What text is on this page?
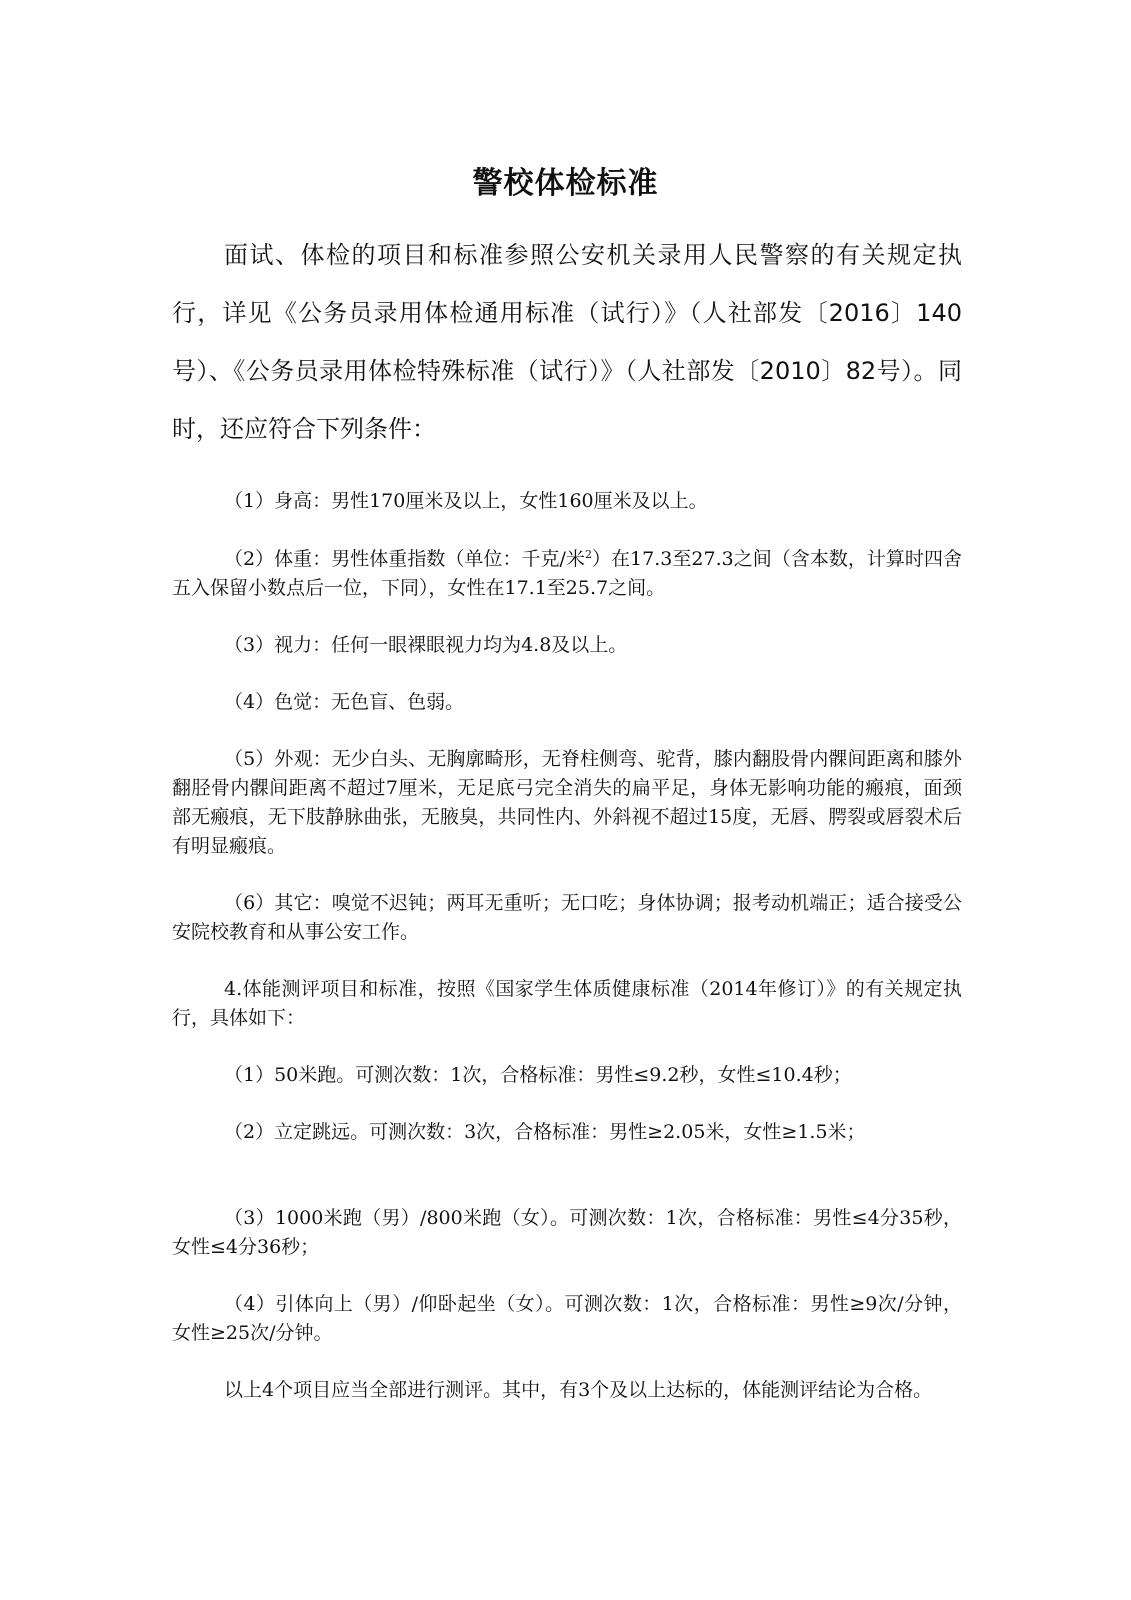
警校体检标准

面试、体检的项目和标准参照公安机关录用人民警察的有关规定执行，详见《公务员录用体检通用标准（试行）》（人社部发〔2016〕140号）、《公务员录用体检特殊标准（试行）》（人社部发〔2010〕82号）。同时，还应符合下列条件：

（1）身高：男性170厘米及以上，女性160厘米及以上。

（2）体重：男性体重指数（单位：千克/米$^2$）在17.3至27.3之间（含本数，计算时四舍五入保留小数点后一位，下同），女性在17.1至25.7之间。

（3）视力：任何一眼裸眼视力均为4.8及以上。

（4）色觉：无色盲、色弱。

（5）外观：无少白头、无胸廓畸形，无脊柱侧弯、驼背，膝内翻股骨内髁间距离和膝外翻胫骨内髁间距离不超过7厘米，无足底弓完全消失的扁平足，身体无影响功能的瘢痕，面颈部无瘢痕，无下肢静脉曲张，无腋臭，共同性内、外斜视不超过15度，无唇、腭裂或唇裂术后有明显瘢痕。

（6）其它：嗅觉不迟钝；两耳无重听；无口吃；身体协调；报考动机端正；适合接受公安院校教育和从事公安工作。

4.体能测评项目和标准，按照《国家学生体质健康标准（2014年修订）》的有关规定执行，具体如下：

（1）50米跑。可测次数：1次，合格标准：男性≤9.2秒，女性≤10.4秒；

（2）立定跳远。可测次数：3次，合格标准：男性≥2.05米，女性≥1.5米；

（3）1000米跑（男）/800米跑（女）。可测次数：1次，合格标准：男性≤4分35秒，女性≤4分36秒；

（4）引体向上（男）/仰卧起坐（女）。可测次数：1次，合格标准：男性≥9次/分钟，女性≥25次/分钟。

以上4个项目应当全部进行测评。其中，有3个及以上达标的，体能测评结论为合格。
